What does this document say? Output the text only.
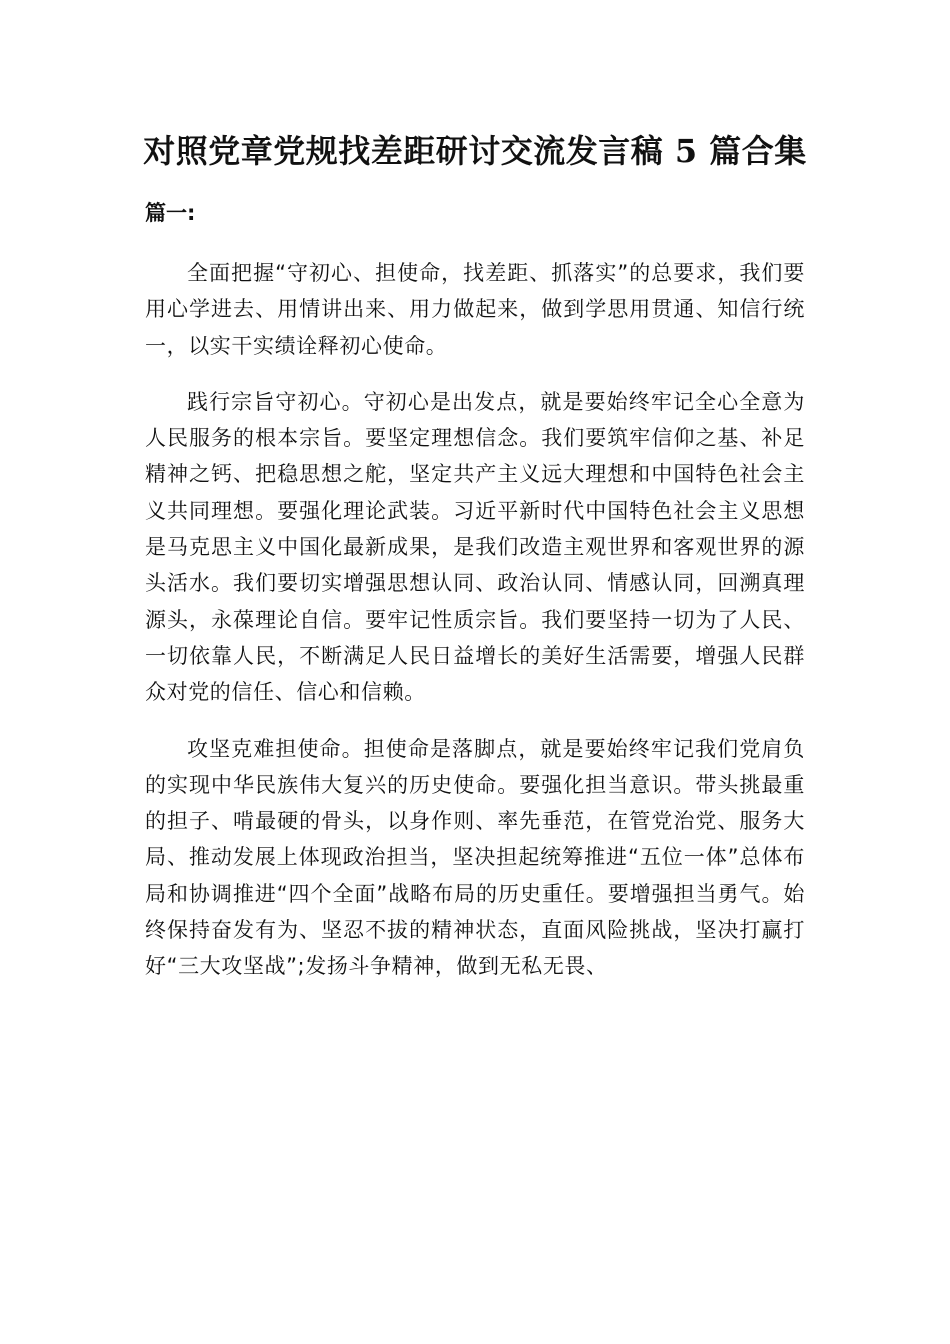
对照党章党规找差距研讨交流发言稿 5 篇合集
篇一:

全面把握“守初心、担使命，找差距、抓落实”的总要求，我们要用心学进去、用情讲出来、用力做起来，做到学思用贯通、知信行统一，以实干实绩诠释初心使命。

践行宗旨守初心。守初心是出发点，就是要始终牢记全心全意为人民服务的根本宗旨。要坚定理想信念。我们要筑牢信仰之基、补足精神之钙、把稳思想之舵，坚定共产主义远大理想和中国特色社会主义共同理想。要强化理论武装。习近平新时代中国特色社会主义思想是马克思主义中国化最新成果，是我们改造主观世界和客观世界的源头活水。我们要切实增强思想认同、政治认同、情感认同，回溯真理源头，永葆理论自信。要牢记性质宗旨。我们要坚持一切为了人民、一切依靠人民，不断满足人民日益增长的美好生活需要，增强人民群众对党的信任、信心和信赖。

攻坚克难担使命。担使命是落脚点，就是要始终牢记我们党肩负的实现中华民族伟大复兴的历史使命。要强化担当意识。带头挑最重的担子、啃最硬的骨头，以身作则、率先垂范，在管党治党、服务大局、推动发展上体现政治担当，坚决担起统筹推进“五位一体”总体布局和协调推进“四个全面”战略布局的历史重任。要增强担当勇气。始终保持奋发有为、坚忍不拔的精神状态，直面风险挑战，坚决打赢打好“三大攻坚战”;发扬斗争精神，做到无私无畏、
